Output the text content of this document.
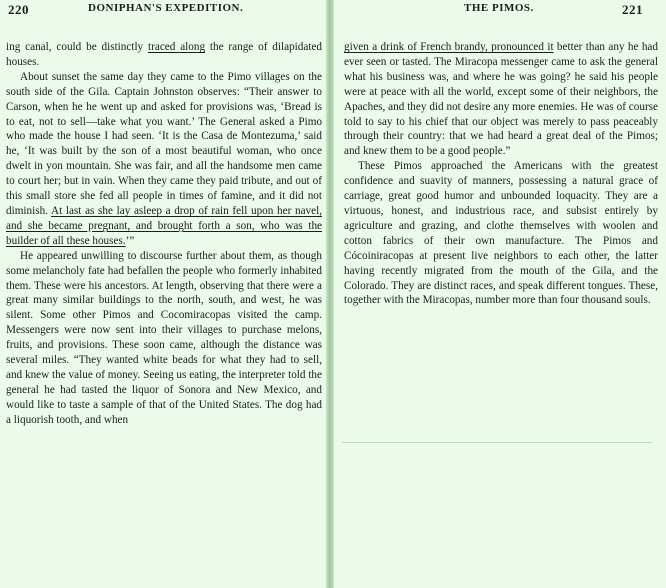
220	DONIPHAN'S EXPEDITION.

ing canal, could be distinctly traced along the range of dilapidated houses.

About sunset the same day they came to the Pimo villages on the south side of the Gila. Captain Johnston observes: “Their answer to Carson, when he he went up and asked for provisions was, ‘Bread is to eat, not to sell—take what you want.’ The General asked a Pimo who made the house I had seen. ‘It is the Casa de Montezuma,’ said he, ‘It was built by the son of a most beautiful woman, who once dwelt in yon mountain. She was fair, and all the handsome men came to court her; but in vain. When they came they paid tribute, and out of this small store she fed all people in times of famine, and it did not diminish. At last as she lay asleep a drop of rain fell upon her navel, and she became pregnant, and brought forth a son, who was the builder of all these houses.’”

He appeared unwilling to discourse further about them, as though some melancholy fate had befallen the people who formerly inhabited them. These were his ancestors. At length, observing that there were a great many similar buildings to the north, south, and west, he was silent. Some other Pimos and Cocomiracopas visited the camp. Messengers were now sent into their villages to purchase melons, fruits, and provisions. These soon came, although the distance was several miles. “They wanted white beads for what they had to sell, and knew the value of money. Seeing us eating, the interpreter told the general he had tasted the liquor of Sonora and New Mexico, and would like to taste a sample of that of the United States. The dog had a liquorish tooth, and when

THE PIMOS.	221

given a drink of French brandy, pronounced it better than any he had ever seen or tasted. The Miracopa messenger came to ask the general what his business was, and where he was going? he said his people were at peace with all the world, except some of their neighbors, the Apaches, and they did not desire any more enemies. He was of course told to say to his chief that our object was merely to pass peaceably through their country: that we had heard a great deal of the Pimos; and knew them to be a good people.”

These Pimos approached the Americans with the greatest confidence and suavity of manners, possessing a natural grace of carriage, great good humor and unbounded loquacity. They are a virtuous, honest, and industrious race, and subsist entirely by agriculture and grazing, and clothe themselves with woolen and cotton fabrics of their own manufacture. The Pimos and Cócoiniracopas at present live neighbors to each other, the latter having recently migrated from the mouth of the Gila, and the Colorado. They are distinct races, and speak different tongues. These, together with the Miracopas, number more than four thousand souls.
